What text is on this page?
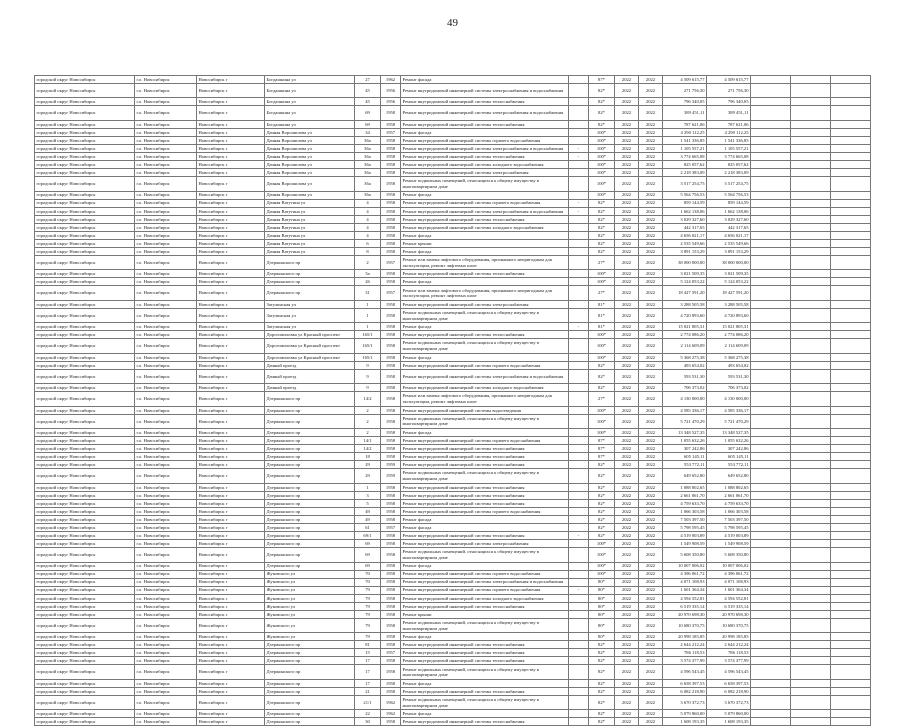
49
городской округ Новосибирск	г.о. Новосибирск	Новосибирск г	Богдашкина ул	27	1962	Ремонт фасада		87*	2022	2022	4 509 615,77	4 509 615,77			
городской округ Новосибирск	г.о. Новосибирск	Новосибирск г	Богдашкина ул	45	1956	Ремонт внутридомовой инженерной системы электроснабжения и водоснабжения		82*	2022	2022	271 756,30	271 756,30			
городской округ Новосибирск	г.о. Новосибирск	Новосибирск г	Богдашкина ул	45	1956	Ремонт внутридомовой инженерной системы теплоснабжения		82*	2022	2022	796 340,05	796 340,05			
городской округ Новосибирск	г.о. Новосибирск	Новосибирск г	Богдашкина ул	69	1958	Ремонт внутридомовой инженерной системы электроснабжения и водоснабжения		82*	2022	2022	389 451,11	389 451,11			
городской округ Новосибирск	г.о. Новосибирск	Новосибирск г	Богдашкина ул	69	1958	Ремонт внутридомовой инженерной системы теплоснабжения		82*	2022	2022	787 621,06	787 621,06			
городской округ Новосибирск	г.о. Новосибирск	Новосибирск г	Дачная Ворошилова ул	34	1957	Ремонт фасада		100*	2022	2022	4 290 112,25	4 290 112,25			
городской округ Новосибирск	г.о. Новосибирск	Новосибирск г	Дачная Ворошилова ул	36а	1958	Ремонт внутридомовой инженерной системы горячего водоснабжения		100*	2022	2022	1 541 336,85	1 541 336,85			
городской округ Новосибирск	г.о. Новосибирск	Новосибирск г	Дачная Ворошилова ул	36а	1958	Ремонт внутридомовой инженерной системы электроснабжения и водоснабжения	-	100*	2022	2022	1 105 557,21	1 105 557,21			
городской округ Новосибирск	г.о. Новосибирск	Новосибирск г	Дачная Ворошилова ул	36а	1958	Ремонт внутридомовой инженерной системы теплоснабжения	-	100*	2022	2022	3 774 665,08	3 774 665,08			
городской округ Новосибирск	г.о. Новосибирск	Новосибирск г	Дачная Ворошилова ул	36а	1958	Ремонт внутридомовой инженерной системы холодного водоснабжения		100*	2022	2022	825 057,62	825 057,62			
городской округ Новосибирск	г.о. Новосибирск	Новосибирск г	Дачная Ворошилова ул	36а	1958	Ремонт внутридомовой инженерной системы электроснабжения		100*	2022	2022	2 218 383,09	2 218 383,09			
городской округ Новосибирск	г.о. Новосибирск	Новосибирск г	Дачная Ворошилова ул	36а	1958	Ремонт подвальных помещений, относящихся к общему имуществу в многоквартирном доме		100*	2022	2022	3 517 254,75	3 517 254,75			
городской округ Новосибирск	г.о. Новосибирск	Новосибирск г	Дачная Ворошилова ул	36а	1958	Ремонт фасада		100*	2022	2022	5 564 756,53	5 564 756,53			
городской округ Новосибирск	г.о. Новосибирск	Новосибирск г	Дачная Ватутина ул	4	1958	Ремонт внутридомовой инженерной системы горячего водоснабжения	-	82*	2022	2022	859 144,59	859 144,59			
городской округ Новосибирск	г.о. Новосибирск	Новосибирск г	Дачная Ватутина ул	4	1958	Ремонт внутридомовой инженерной системы электроснабжения и водоснабжения	-	82*	2022	2022	1 662 138,06	1 662 138,06			
городской округ Новосибирск	г.о. Новосибирск	Новосибирск г	Дачная Ватутина ул	4	1958	Ремонт внутридомовой инженерной системы теплоснабжения		82*	2022	2022	3 029 327,60	3 029 327,60			
городской округ Новосибирск	г.о. Новосибирск	Новосибирск г	Дачная Ватутина ул	4	1958	Ремонт внутридомовой инженерной системы холодного водоснабжения		82*	2022	2022	442 317,65	442 317,65			
городской округ Новосибирск	г.о. Новосибирск	Новосибирск г	Дачная Ватутина ул	4	1958	Ремонт фасада		82*	2022	2022	4 656 021,17	4 656 021,17			
городской округ Новосибирск	г.о. Новосибирск	Новосибирск г	Дачная Ватутина ул	6	1958	Ремонт крыши		82*	2022	2022	2 535 549,66	2 535 549,66			
городской округ Новосибирск	г.о. Новосибирск	Новосибирск г	Дачная Ватутина ул	8	1958	Ремонт фасада		82*	2022	2022	3 891 153,29	3 891 153,29			
городской округ Новосибирск	г.о. Новосибирск	Новосибирск г	Дзержинского пр	2	1957	Ремонт или замена лифтового оборудования, признанного непригодным для эксплуатации, ремонт лифтовых шахт		27*	2022	2022	38 000 000,00	38 000 000,00			
городской округ Новосибирск	г.о. Новосибирск	Новосибирск г	Дзержинского пр	5а	1958	Ремонт внутридомовой инженерной системы теплоснабжения		100*	2022	2022	3 021 509,35	3 021 509,35			
городской округ Новосибирск	г.о. Новосибирск	Новосибирск г	Дзержинского пр	26	1958	Ремонт фасада		100*	2022	2022	5 124 053,22	5 124 053,22			
городской округ Новосибирск	г.о. Новосибирск	Новосибирск г	Дзержинского пр	31	1957	Ремонт или замена лифтового оборудования, признанного непригодным для эксплуатации, ремонт лифтовых шахт		27*	2022	2022	18 427 591,20	18 427 591,20			
городской округ Новосибирск	г.о. Новосибирск	Новосибирск г	Затулинская ул	1	1958	Ремонт внутридомовой инженерной системы электроснабжения		81*	2022	2022	3 288 505,58	3 288 505,58			
городской округ Новосибирск	г.о. Новосибирск	Новосибирск г	Затулинская ул	1	1958	Ремонт подвальных помещений, относящихся к общему имуществу в многоквартирном доме		81*	2022	2022	4 720 893,60	4 720 893,60			
городской округ Новосибирск	г.о. Новосибирск	Новосибирск г	Затулинская ул	1	1958	Ремонт фасада	-	81*	2022	2022	15 021 805,31	15 021 805,31			
городской округ Новосибирск	г.о. Новосибирск	Новосибирск г	Дорогомиловка ул Красный проспект	165/1	1958	Ремонт внутридомовой инженерной системы теплоснабжения		100*	2022	2022	2 774 086,20	2 774 086,20			
городской округ Новосибирск	г.о. Новосибирск	Новосибирск г	Дорогомиловка ул Красный проспект	165/1	1958	Ремонт подвальных помещений, относящихся к общему имуществу в многоквартирном доме		100*	2022	2022	2 114 609,09	2 114 609,09			
городской округ Новосибирск	г.о. Новосибирск	Новосибирск г	Дорогомиловка ул Красный проспект	165/1	1958	Ремонт фасада		100*	2022	2022	5 368 275,38	5 368 275,38			
городской округ Новосибирск	г.о. Новосибирск	Новосибирск г	Дачный проезд	9	1958	Ремонт внутридомовой инженерной системы горячего водоснабжения		82*	2022	2022	493 654,02	493 654,02			
городской округ Новосибирск	г.о. Новосибирск	Новосибирск г	Дачный проезд	9	1958	Ремонт внутридомовой инженерной системы электроснабжения и водоснабжения		82*	2022	2022	593 531,30	593 531,30			
городской округ Новосибирск	г.о. Новосибирск	Новосибирск г	Дачный проезд	9	1958	Ремонт внутридомовой инженерной системы холодного водоснабжения		82*	2022	2022	706 373,02	706 373,02			
городской округ Новосибирск	г.о. Новосибирск	Новосибирск г	Дзержинского пр	14/2	1958	Ремонт или замена лифтового оборудования, признанного непригодным для эксплуатации, ремонт лифтовых шахт		27*	2022	2022	4 130 000,00	4 130 000,00			
городской округ Новосибирск	г.о. Новосибирск	Новосибирск г	Дзержинского пр	2	1958	Ремонт внутридомовой инженерной системы водоотведения		100*	2022	2022	4 585 336,17	4 585 336,17			
городской округ Новосибирск	г.о. Новосибирск	Новосибирск г	Дзержинского пр	2	1958	Ремонт подвальных помещений, относящихся к общему имуществу в многоквартирном доме		100*	2022	2022	5 721 470,29	5 721 470,29			
городской округ Новосибирск	г.о. Новосибирск	Новосибирск г	Дзержинского пр	2	1958	Ремонт фасада		100*	2022	2022	13 348 527,35	13 348 527,35			
городской округ Новосибирск	г.о. Новосибирск	Новосибирск г	Дзержинского пр	14/1	1958	Ремонт внутридомовой инженерной системы горячего водоснабжения		87*	2022	2022	1 055 632,26	1 055 632,26			
городской округ Новосибирск	г.о. Новосибирск	Новосибирск г	Дзержинского пр	14/2	1958	Ремонт внутридомовой инженерной системы теплоснабжения		87*	2022	2022	307 242,86	307 242,86			
городской округ Новосибирск	г.о. Новосибирск	Новосибирск г	Дзержинского пр	18	1958	Ремонт внутридомовой инженерной системы теплоснабжения		87*	2022	2022	605 145,11	605 145,11			
городской округ Новосибирск	г.о. Новосибирск	Новосибирск г	Дзержинского пр	29	1959	Ремонт внутридомовой инженерной системы теплоснабжения		82*	2022	2022	553 772,11	553 772,11			
городской округ Новосибирск	г.о. Новосибирск	Новосибирск г	Дзержинского пр	29	1959	Ремонт подвальных помещений, относящихся к общему имуществу в многоквартирном доме		82*	2022	2022	649 652,80	649 652,80			
городской округ Новосибирск	г.о. Новосибирск	Новосибирск г	Дзержинского пр	1	1958	Ремонт внутридомовой инженерной системы теплоснабжения		82*	2022	2022	1 088 802,65	1 088 802,65			
городской округ Новосибирск	г.о. Новосибирск	Новосибирск г	Дзержинского пр	3	1958	Ремонт внутридомовой инженерной системы теплоснабжения		82*	2022	2022	2 661 061,70	2 661 061,70			
городской округ Новосибирск	г.о. Новосибирск	Новосибирск г	Дзержинского пр	5	1958	Ремонт внутридомовой инженерной системы теплоснабжения		82*	2022	2022	4 759 633,70	4 759 633,70			
городской округ Новосибирск	г.о. Новосибирск	Новосибирск г	Дзержинского пр	49	1958	Ремонт внутридомовой инженерной системы горячего водоснабжения		82*	2022	2022	1 066 303,58	1 066 303,58			
городской округ Новосибирск	г.о. Новосибирск	Новосибирск г	Дзержинского пр	49	1958	Ремонт фасада		82*	2022	2022	7 503 397,50	7 503 397,50			
городской округ Новосибирск	г.о. Новосибирск	Новосибирск г	Дзержинского пр	61	1957	Ремонт фасада		82*	2022	2022	5 798 595,45	5 798 595,45			
городской округ Новосибирск	г.о. Новосибирск	Новосибирск г	Дзержинского пр	69/1	1958	Ремонт внутридомовой инженерной системы теплоснабжения	-	82*	2022	2022	4 519 003,89	4 519 003,89			
городской округ Новосибирск	г.о. Новосибирск	Новосибирск г	Дзержинского пр	69	1958	Ремонт внутридомовой инженерной системы электроснабжения		100*	2022	2022	1 549 908,59	1 549 908,59			
городской округ Новосибирск	г.о. Новосибирск	Новосибирск г	Дзержинского пр	69	1958	Ремонт подвальных помещений, относящихся к общему имуществу в многоквартирном доме		100*	2022	2022	5 608 350,80	5 608 350,80			
городской округ Новосибирск	г.о. Новосибирск	Новосибирск г	Дзержинского пр	69	1958	Ремонт фасада		100*	2022	2022	10 007 006,02	10 007 006,02			
городской округ Новосибирск	г.о. Новосибирск	Новосибирск г	Жуковского ул	70	1958	Ремонт внутридомовой инженерной системы горячего водоснабжения		100*	2022	2022	4 396 061,72	4 396 061,72			
городской округ Новосибирск	г.о. Новосибирск	Новосибирск г	Жуковского ул	70	1958	Ремонт внутридомовой инженерной системы электроснабжения и водоснабжения		80*	2022	2022	4 071 108,93	4 071 108,93			
городской округ Новосибирск	г.о. Новосибирск	Новосибирск г	Жуковского ул	79	1958	Ремонт внутридомовой инженерной системы горячего водоснабжения	-	80*	2022	2022	1 601 364,34	1 601 364,34			
городской округ Новосибирск	г.о. Новосибирск	Новосибирск г	Жуковского ул	79	1958	Ремонт внутридомовой инженерной системы холодного водоснабжения		80*	2022	2022	4 594 552,81	4 594 552,81			
городской округ Новосибирск	г.о. Новосибирск	Новосибирск г	Жуковского ул	79	1958	Ремонт внутридомовой инженерной системы теплоснабжения		80*	2022	2022	6 519 335,14	6 519 335,14			
городской округ Новосибирск	г.о. Новосибирск	Новосибирск г	Жуковского ул	79	1958	Ремонт крыши		80*	2022	2022	20 970 698,30	20 970 698,30			
городской округ Новосибирск	г.о. Новосибирск	Новосибирск г	Жуковского ул	79	1958	Ремонт подвальных помещений, относящихся к общему имуществу в многоквартирном доме		80*	2022	2022	10 680 370,75	10 680 370,75			
городской округ Новосибирск	г.о. Новосибирск	Новосибирск г	Жуковского ул	79	1958	Ремонт фасада		80*	2022	2022	20 998 185,85	20 998 185,85			
городской округ Новосибирск	г.о. Новосибирск	Новосибирск г	Дзержинского пр	81	1958	Ремонт внутридомовой инженерной системы теплоснабжения		82*	2022	2022	2 644 212,24	2 644 212,24			
городской округ Новосибирск	г.о. Новосибирск	Новосибирск г	Дзержинского пр	15	1957	Ремонт внутридомовой инженерной системы теплоснабжения		82*	2022	2022	786 118,53	786 118,53			
городской округ Новосибирск	г.о. Новосибирск	Новосибирск г	Дзержинского пр	17	1958	Ремонт внутридомовой инженерной системы теплоснабжения		82*	2022	2022	3 574 377,99	3 574 377,99			
городской округ Новосибирск	г.о. Новосибирск	Новосибирск г	Дзержинского пр	17	1958	Ремонт подвальных помещений, относящихся к общему имуществу в многоквартирном доме		82*	2022	2022	4 596 543,45	4 596 543,45			
городской округ Новосибирск	г.о. Новосибирск	Новосибирск г	Дзержинского пр	17	1958	Ремонт фасада		82*	2022	2022	6 658 397,53	6 658 397,53			
городской округ Новосибирск	г.о. Новосибирск	Новосибирск г	Дзержинского пр	21	1958	Ремонт внутридомовой инженерной системы теплоснабжения		82*	2022	2022	6 082 218,90	6 082 218,90			
городской округ Новосибирск	г.о. Новосибирск	Новосибирск г	Дзержинского пр	21/1	1962	Ремонт подвальных помещений, относящихся к общему имуществу в многоквартирном доме		82*	2022	2022	3 670 372,73	3 670 372,73			
городской округ Новосибирск	г.о. Новосибирск	Новосибирск г	Дзержинского пр	22	1962	Ремонт фасада		82*	2022	2022	5 079 860,00	5 079 860,00			
городской округ Новосибирск	г.о. Новосибирск	Новосибирск г	Дзержинского пр	30	1958	Ремонт внутридомовой инженерной системы теплоснабжения		82*	2022	2022	1 608 193,35	1 608 193,35			
